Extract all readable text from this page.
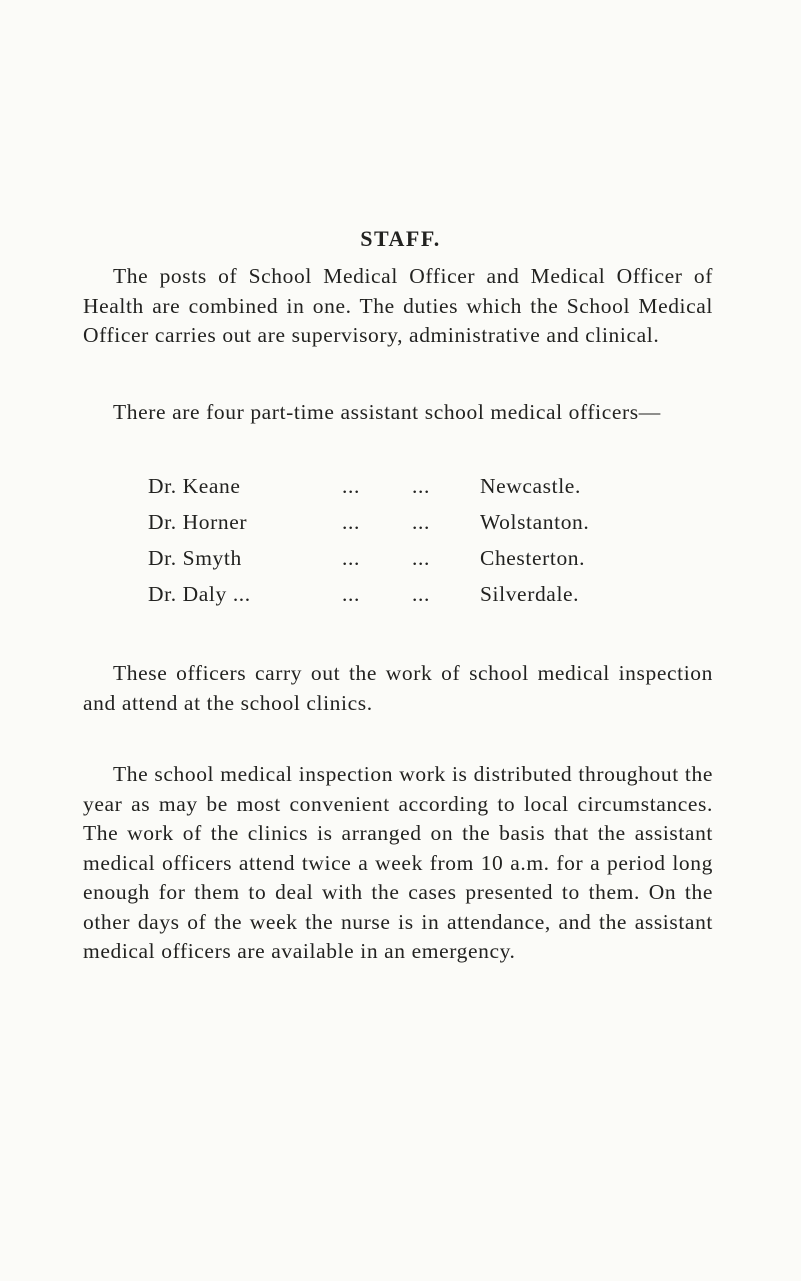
STAFF.

The posts of School Medical Officer and Medical Officer of Health are combined in one. The duties which the School Medical Officer carries out are supervisory, administrative and clinical.

There are four part-time assistant school medical officers—

Dr. Keane	... ... Newcastle.
Dr. Horner	... ... Wolstanton.
Dr. Smyth	... ... Chesterton.
Dr. Daly ...	... ... Silverdale.

These officers carry out the work of school medical inspection and attend at the school clinics.

The school medical inspection work is distributed throughout the year as may be most convenient according to local circumstances. The work of the clinics is arranged on the basis that the assistant medical officers attend twice a week from 10 a.m. for a period long enough for them to deal with the cases presented to them. On the other days of the week the nurse is in attendance, and the assistant medical officers are available in an emergency.
